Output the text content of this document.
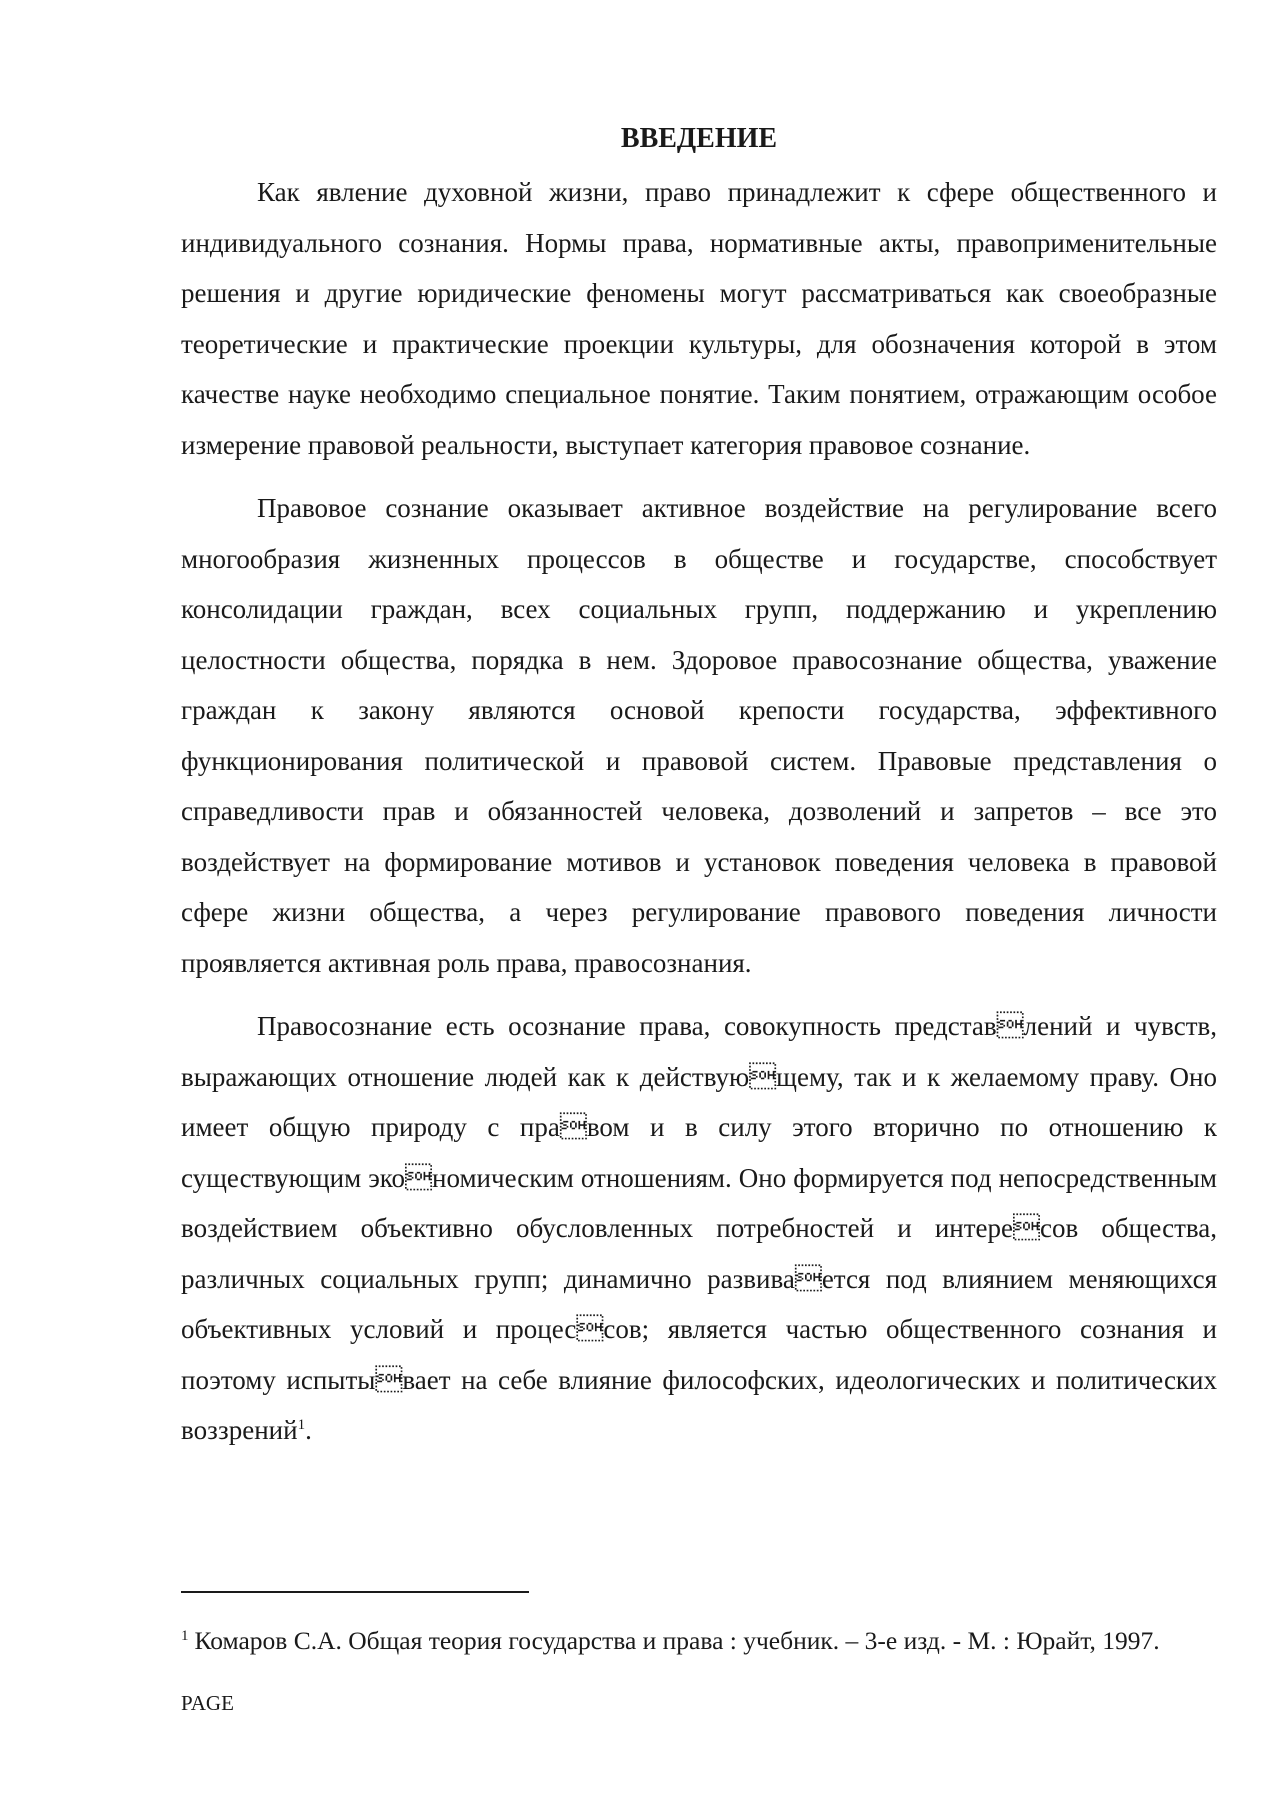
ВВЕДЕНИЕ

Как явление духовной жизни, право принадлежит к сфере общественного и индивидуального сознания. Нормы права, нормативные акты, правоприменительные решения и другие юридические феномены могут рассматриваться как своеобразные теоретические и практические проекции культуры, для обозначения которой в этом качестве науке необходимо специальное понятие. Таким понятием, отражающим особое измерение правовой реальности, выступает категория правовое сознание.

Правовое сознание оказывает активное воздействие на регулирование всего многообразия жизненных процессов в обществе и государстве, способствует консолидации граждан, всех социальных групп, поддержанию и укреплению целостности общества, порядка в нем. Здоровое правосознание общества, уважение граждан к закону являются основой крепости государства, эффективного функционирования политической и правовой систем. Правовые представления о справедливости прав и обязанностей человека, дозволений и запретов – все это воздействует на формирование мотивов и установок поведения человека в правовой сфере жизни общества, а через регулирование правового поведения личности проявляется активная роль права, правосознания.

Правосознание есть осознание права, совокупность представлений и чувств, выражающих отношение людей как к действующему, так и к желаемому праву. Оно имеет общую природу с правом и в силу этого вторично по отношению к существующим экономическим отношениям. Оно формируется под непосредственным воздействием объективно обусловленных потребностей и интересов общества, различных социальных групп; динамично развивается под влиянием меняющихся объективных условий и процессов; является частью общественного сознания и поэтому испытывает на себе влияние философских, идеологических и политических воззрений$^1$.

$^1$ Комаров С.А. Общая теория государства и права : учебник. – 3-е изд. - М. : Юрайт, 1997.

PAGE
